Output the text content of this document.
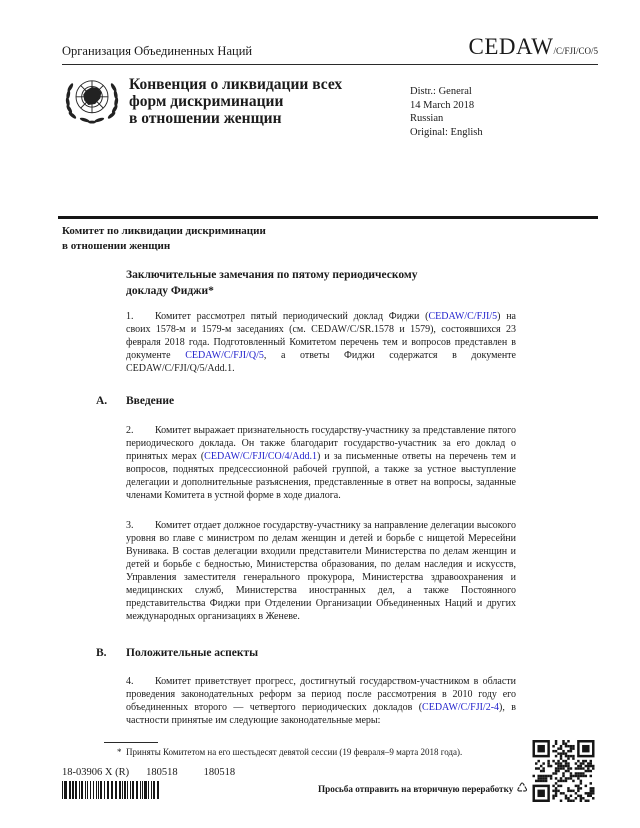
Организация Объединенных Наций	CEDAW /C/FJI/CO/5
Конвенция о ликвидации всех
форм дискриминации
в отношении женщин
Distr.: General
14 March 2018
Russian
Original: English
Комитет по ликвидации дискриминации
в отношении женщин
Заключительные замечания по пятому периодическому
докладу Фиджи*
1. Комитет рассмотрел пятый периодический доклад Фиджи (CEDAW/C/FJI/5) на своих 1578-м и 1579-м заседаниях (см. CEDAW/C/SR.1578 и 1579), состоявшихся 23 февраля 2018 года. Подготовленный Комитетом перечень тем и вопросов представлен в документе CEDAW/C/FJI/Q/5, а ответы Фиджи содержатся в документе CEDAW/C/FJI/Q/5/Add.1.
A. Введение
2. Комитет выражает признательность государству-участнику за представление пятого периодического доклада. Он также благодарит государство-участник за его доклад о принятых мерах (CEDAW/C/FJI/CO/4/Add.1) и за письменные ответы на перечень тем и вопросов, поднятых предсессионной рабочей группой, а также за устное выступление делегации и дополнительные разъяснения, представленные в ответ на вопросы, заданные членами Комитета в устной форме в ходе диалога.
3. Комитет отдает должное государству-участнику за направление делегации высокого уровня во главе с министром по делам женщин и детей и борьбе с нищетой Мересейни Вунивака. В состав делегации входили представители Министерства по делам женщин и детей и борьбе с бедностью, Министерства образования, по делам наследия и искусств, Управления заместителя генерального прокурора, Министерства здравоохранения и медицинских служб, Министерства иностранных дел, а также Постоянного представительства Фиджи при Отделении Организации Объединенных Наций и других международных организациях в Женеве.
B. Положительные аспекты
4. Комитет приветствует прогресс, достигнутый государством-участником в области проведения законодательных реформ за период после рассмотрения в 2010 году его объединенных второго — четвертого периодических докладов (CEDAW/C/FJI/2-4), в частности принятые им следующие законодательные меры:
* Приняты Комитетом на его шестьдесят девятой сессии (19 февраля–9 марта 2018 года).
18-03906 X (R) 180518 180518
Просьба отправить на вторичную переработку ♺
